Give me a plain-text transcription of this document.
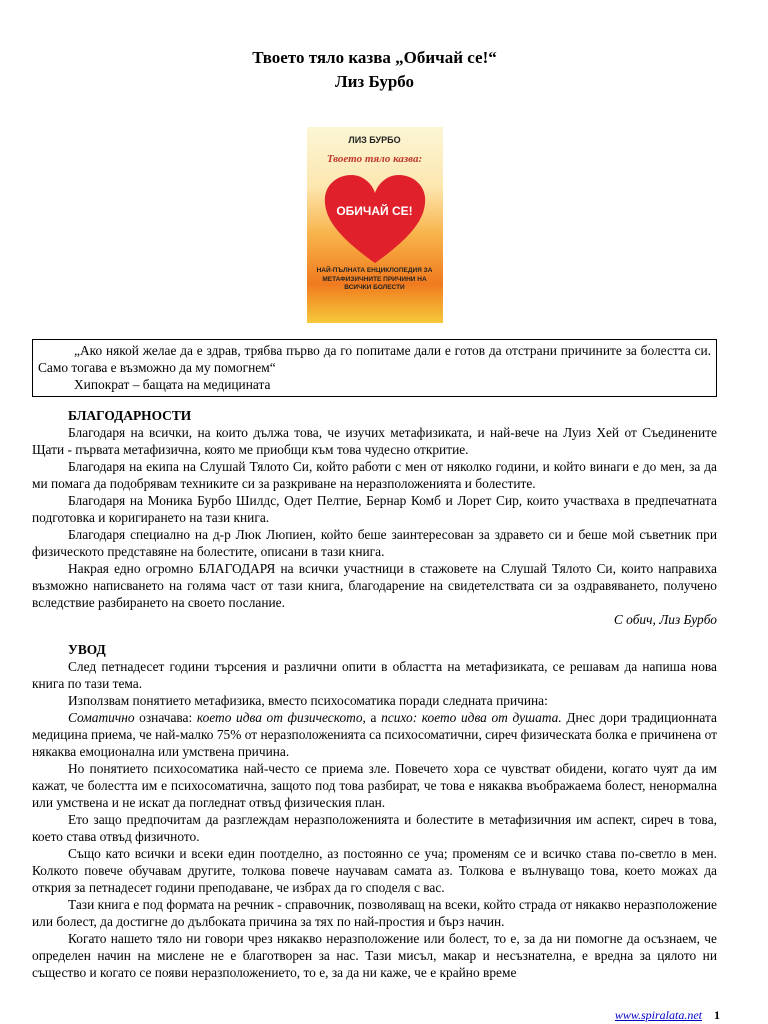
Твоето тяло казва „Обичай се!“
Лиз Бурбо
ЛИЗ БУРБО
Твоето тяло казва:
ОБИЧАЙ СЕ!
НАЙ-ПЪЛНАТА ЕНЦИКЛОПЕДИЯ ЗА МЕТАФИЗИЧНИТЕ ПРИЧИНИ НА ВСИЧКИ БОЛЕСТИ

„Ако някой желае да е здрав, трябва първо да го попитаме дали е готов да отстрани причините за болестта си. Само тогава е възможно да му помогнем“

Хипократ – бащата на медицината

БЛАГОДАРНОСТИ

Благодаря на всички, на които дължа това, че изучих метафизиката, и най-вече на Луиз Хей от Съединените Щати - първата метафизична, която ме приобщи към това чудесно откритие.

Благодаря на екипа на Слушай Тялото Си, който работи с мен от няколко години, и който винаги е до мен, за да ми помага да подобрявам техниките си за разкриване на неразположенията и болестите.

Благодаря на Моника Бурбо Шилдс, Одет Пелтие, Бернар Комб и Лорет Сир, които участваха в предпечатната подготовка и коригирането на тази книга.

Благодаря специално на д-р Люк Люпиен, който беше заинтересован за здравето си и беше мой съветник при физическото представяне на болестите, описани в тази книга.

Накрая едно огромно БЛАГОДАРЯ на всички участници в стажовете на Слушай Тялото Си, които направиха възможно написването на голяма част от тази книга, благодарение на свидетелствата си за оздравяването, получено вследствие разбирането на своето послание.

С обич, Лиз Бурбо

УВОД

След петнадесет години търсения и различни опити в областта на метафизиката, се решавам да напиша нова книга по тази тема.

Използвам понятието метафизика, вместо психосоматика поради следната причина:

Соматично означава: което идва от физическото, а психо: което идва от душата. Днес дори традиционната медицина приема, че най-малко 75% от неразположенията са психосоматични, сиреч физическата болка е причинена от някаква емоционална или умствена причина.

Но понятието психосоматика най-често се приема зле. Повечето хора се чувстват обидени, когато чуят да им кажат, че болестта им е психосоматична, защото под това разбират, че това е някаква въображаема болест, ненормална или умствена и не искат да погледнат отвъд физическия план.

Ето защо предпочитам да разглеждам неразположенията и болестите в метафизичния им аспект, сиреч в това, което става отвъд физичното.

Също като всички и всеки един поотделно, аз постоянно се уча; променям се и всичко става по-светло в мен. Колкото повече обучавам другите, толкова повече научавам самата аз. Толкова е вълнуващо това, което можах да открия за петнадесет години преподаване, че избрах да го споделя с вас.

Тази книга е под формата на речник - справочник, позволяващ на всеки, който страда от някакво неразположение или болест, да достигне до дълбоката причина за тях по най-простия и бърз начин.

Когато нашето тяло ни говори чрез някакво неразположение или болест, то е, за да ни помогне да осъзнаем, че определен начин на мислене не е благотворен за нас. Тази мисъл, макар и несъзнателна, е вредна за цялото ни същество и когато се появи неразположението, то е, за да ни каже, че е крайно време

www.spiralata.net 1
